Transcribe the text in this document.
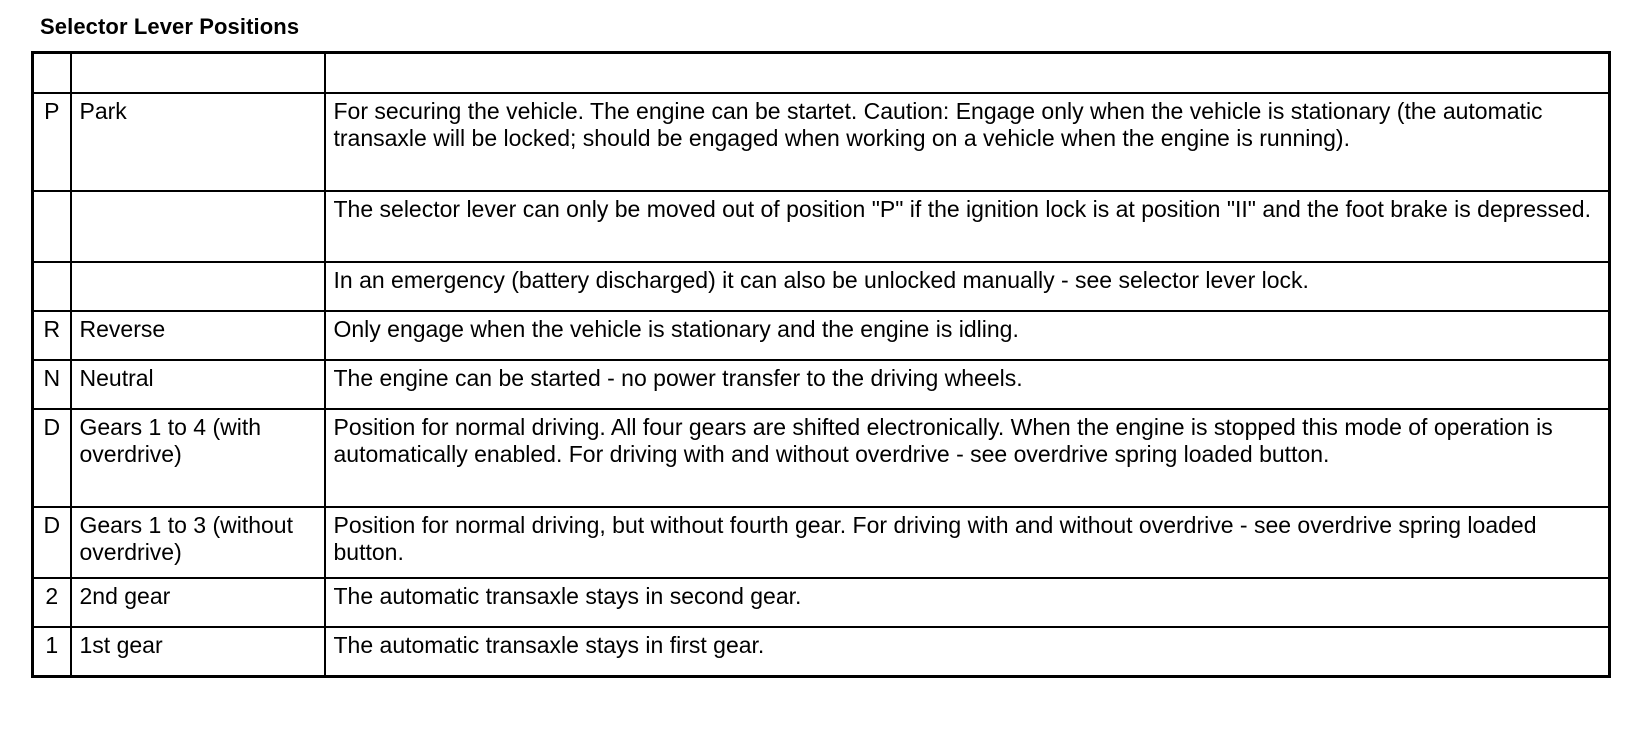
Selector Lever Positions

P	Park	For securing the vehicle. The engine can be startet. Caution: Engage only when the vehicle is stationary (the automatic transaxle will be locked; should be engaged when working on a vehicle when the engine is running).
		The selector lever can only be moved out of position "P" if the ignition lock is at position "II" and the foot brake is depressed.
		In an emergency (battery discharged) it can also be unlocked manually - see selector lever lock.
R	Reverse	Only engage when the vehicle is stationary and the engine is idling.
N	Neutral	The engine can be started - no power transfer to the driving wheels.
D	Gears 1 to 4 (with overdrive)	Position for normal driving. All four gears are shifted electronically. When the engine is stopped this mode of operation is automatically enabled. For driving with and without overdrive - see overdrive spring loaded button.
D	Gears 1 to 3 (without overdrive)	Position for normal driving, but without fourth gear. For driving with and without overdrive - see overdrive spring loaded button.
2	2nd gear	The automatic transaxle stays in second gear.
1	1st gear	The automatic transaxle stays in first gear.
